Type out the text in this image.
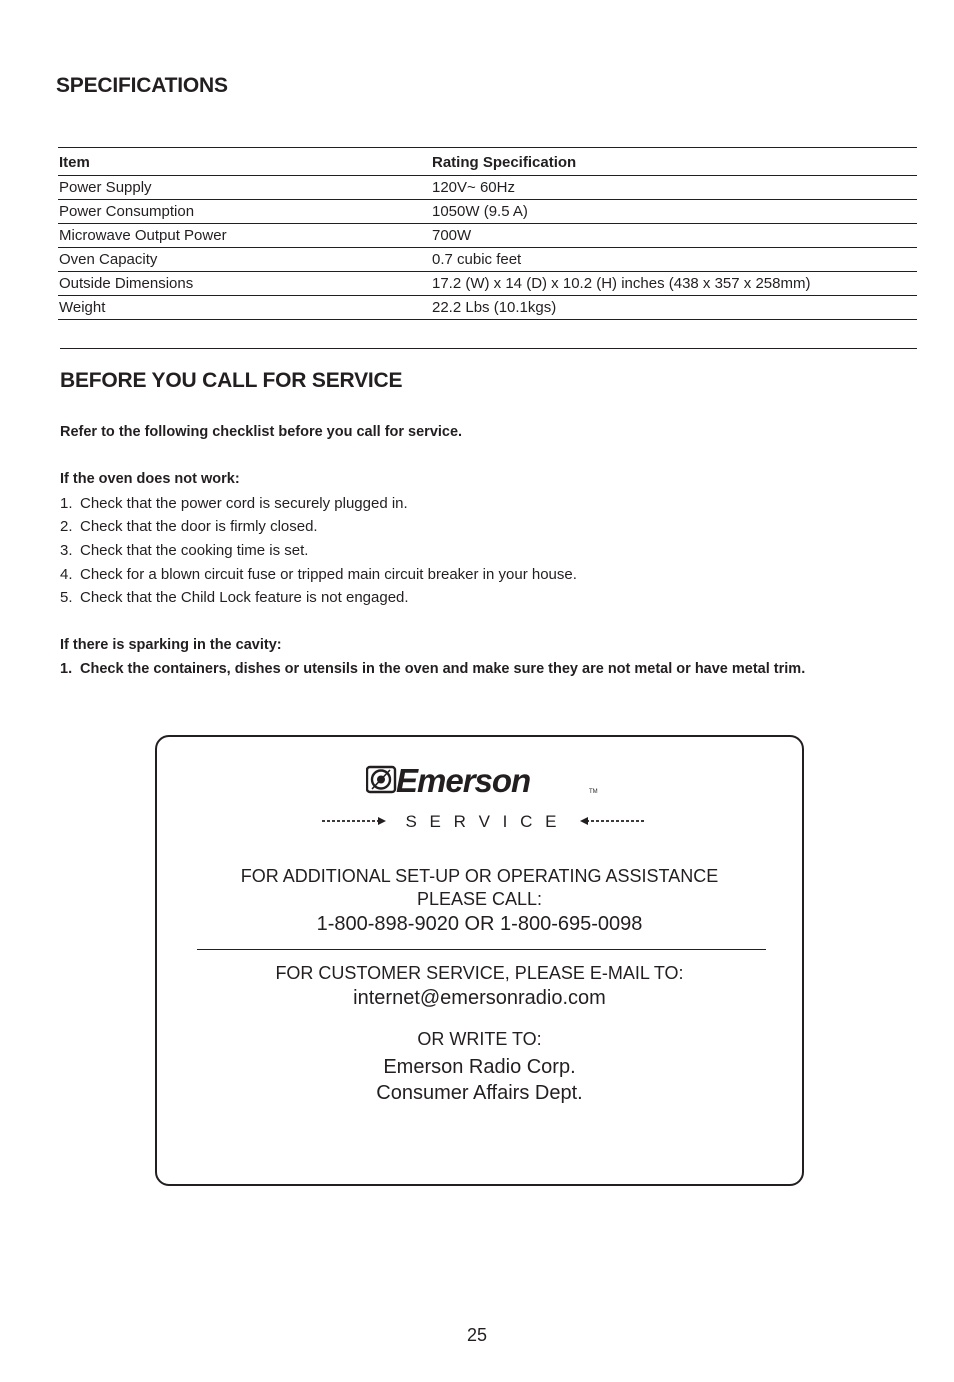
SPECIFICATIONS
Item	Rating Specification
Power Supply	120V~ 60Hz
Power Consumption	1050W (9.5 A)
Microwave Output Power	700W
Oven Capacity	0.7 cubic feet
Outside Dimensions	17.2 (W) x 14 (D) x 10.2 (H) inches (438 x 357 x 258mm)
Weight	22.2 Lbs (10.1kgs)
BEFORE YOU CALL FOR SERVICE
Refer to the following checklist before you call for service.
If the oven does not work:
1. Check that the power cord is securely plugged in.
2. Check that the door is firmly closed.
3. Check that the cooking time is set.
4. Check for a blown circuit fuse or tripped main circuit breaker in your house.
5. Check that the Child Lock feature is not engaged.
If there is sparking in the cavity:
1. Check the containers, dishes or utensils in the oven and make sure they are not metal or have metal trim.
Emerson	TM
S E R V I C E
FOR ADDITIONAL SET-UP OR OPERATING ASSISTANCE
PLEASE CALL:
1-800-898-9020 OR 1-800-695-0098
FOR CUSTOMER SERVICE, PLEASE E-MAIL TO:
internet@emersonradio.com
OR WRITE TO:
Emerson Radio Corp.
Consumer Affairs Dept.
25
